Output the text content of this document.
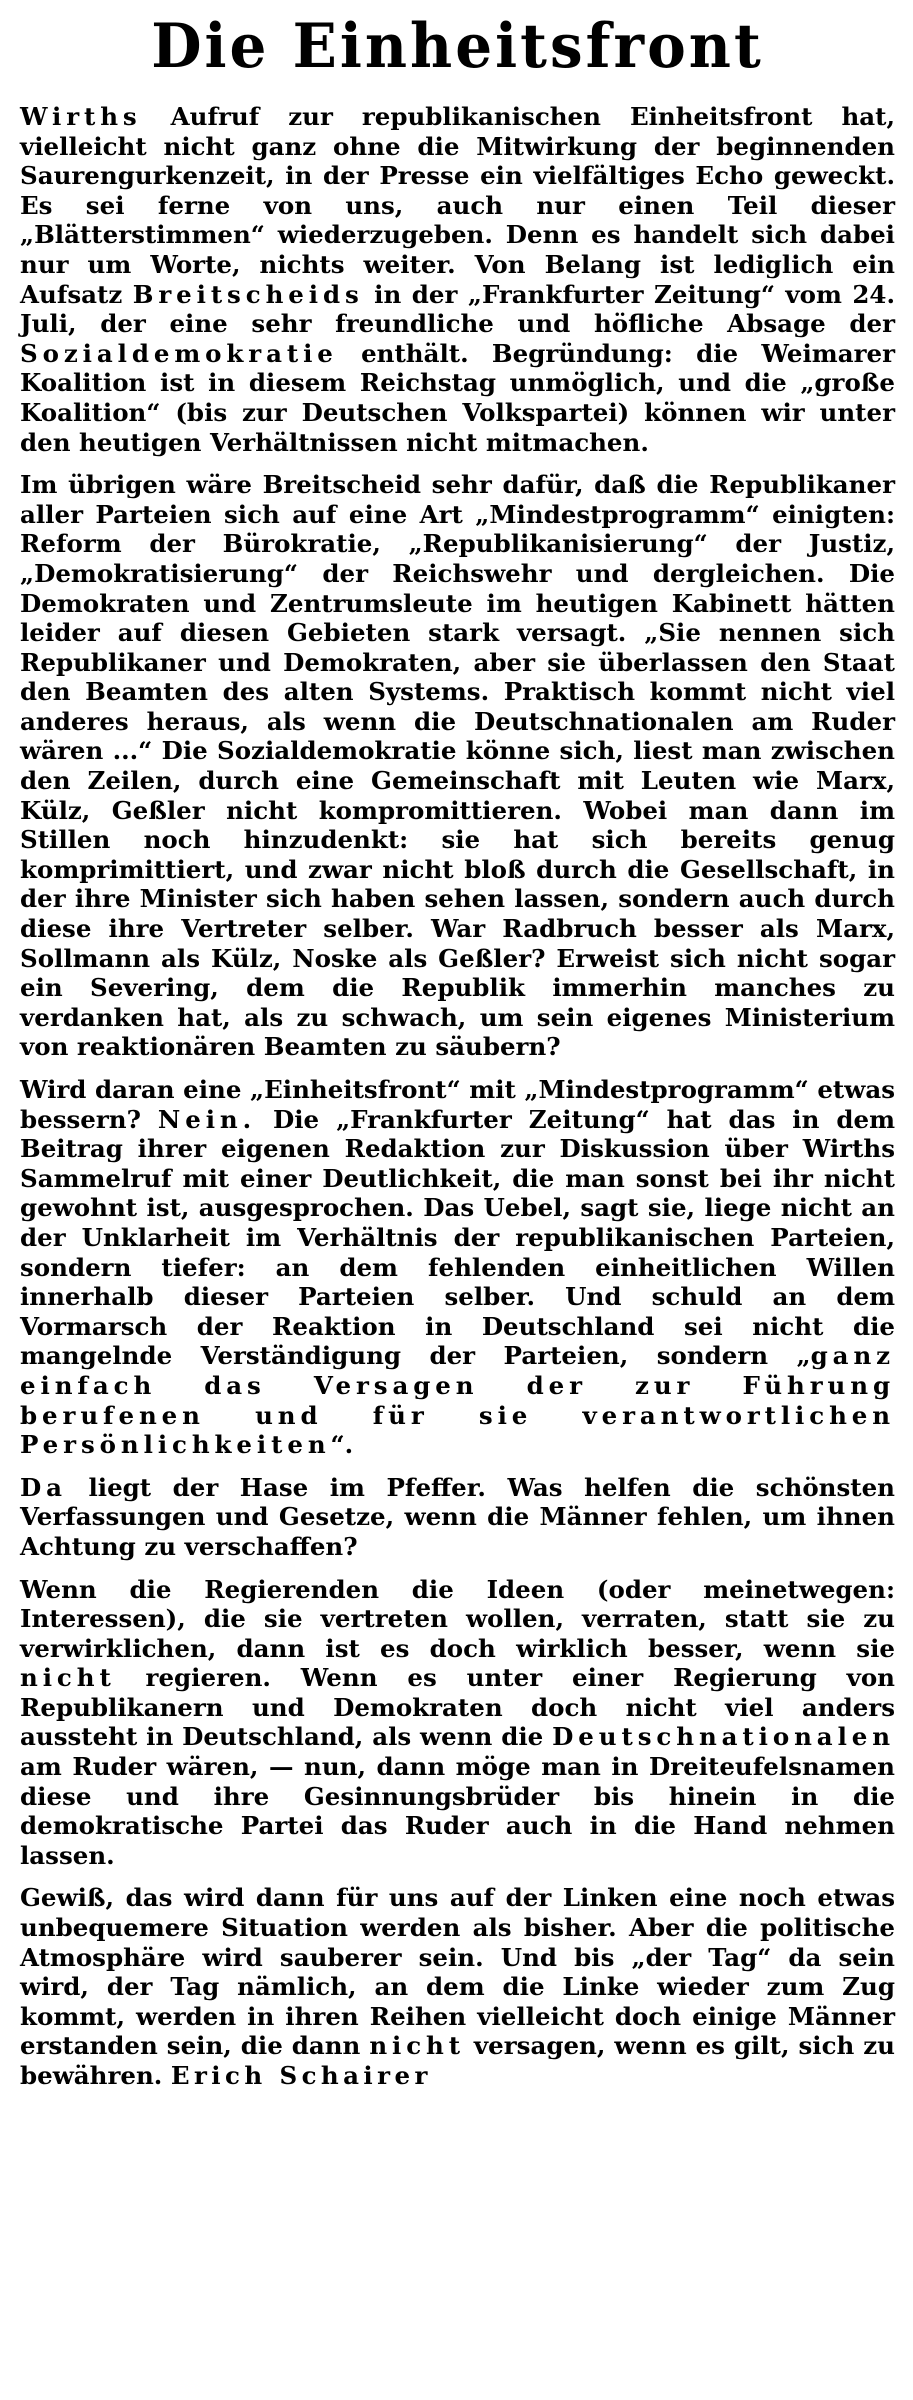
Die Einheitsfront

Wirths Aufruf zur republikanischen Einheitsfront hat, vielleicht nicht ganz ohne die Mitwirkung der beginnenden Saurengurkenzeit, in der Presse ein vielfältiges Echo geweckt. Es sei ferne von uns, auch nur einen Teil dieser „Blätterstimmen“ wiederzugeben. Denn es handelt sich dabei nur um Worte, nichts weiter. Von Belang ist lediglich ein Aufsatz Breitscheids in der „Frankfurter Zeitung“ vom 24. Juli, der eine sehr freundliche und höfliche Absage der Sozialdemokratie enthält. Begründung: die Weimarer Koalition ist in diesem Reichstag unmöglich, und die „große Koalition“ (bis zur Deutschen Volkspartei) können wir unter den heutigen Verhältnissen nicht mitmachen.

Im übrigen wäre Breitscheid sehr dafür, daß die Republikaner aller Parteien sich auf eine Art „Mindestprogramm“ einigten: Reform der Bürokratie, „Republikanisierung“ der Justiz, „Demokratisierung“ der Reichswehr und dergleichen. Die Demokraten und Zentrumsleute im heutigen Kabinett hätten leider auf diesen Gebieten stark versagt. „Sie nennen sich Republikaner und Demokraten, aber sie überlassen den Staat den Beamten des alten Systems. Praktisch kommt nicht viel anderes heraus, als wenn die Deutschnationalen am Ruder wären ...“ Die Sozialdemokratie könne sich, liest man zwischen den Zeilen, durch eine Gemeinschaft mit Leuten wie Marx, Külz, Geßler nicht kompromittieren. Wobei man dann im Stillen noch hinzudenkt: sie hat sich bereits genug komprimittiert, und zwar nicht bloß durch die Gesellschaft, in der ihre Minister sich haben sehen lassen, sondern auch durch diese ihre Vertreter selber. War Radbruch besser als Marx, Sollmann als Külz, Noske als Geßler? Erweist sich nicht sogar ein Severing, dem die Republik immerhin manches zu verdanken hat, als zu schwach, um sein eigenes Ministerium von reaktionären Beamten zu säubern?

Wird daran eine „Einheitsfront“ mit „Mindestprogramm“ etwas bessern? Nein. Die „Frankfurter Zeitung“ hat das in dem Beitrag ihrer eigenen Redaktion zur Diskussion über Wirths Sammelruf mit einer Deutlichkeit, die man sonst bei ihr nicht gewohnt ist, ausgesprochen. Das Uebel, sagt sie, liege nicht an der Unklarheit im Verhältnis der republikanischen Parteien, sondern tiefer: an dem fehlenden einheitlichen Willen innerhalb dieser Parteien selber. Und schuld an dem Vormarsch der Reaktion in Deutschland sei nicht die mangelnde Verständigung der Parteien, sondern „ganz einfach das Versagen der zur Führung berufenen und für sie verantwortlichen Persönlichkeiten“.

Da liegt der Hase im Pfeffer. Was helfen die schönsten Verfassungen und Gesetze, wenn die Männer fehlen, um ihnen Achtung zu verschaffen?

Wenn die Regierenden die Ideen (oder meinetwegen: Interessen), die sie vertreten wollen, verraten, statt sie zu verwirklichen, dann ist es doch wirklich besser, wenn sie nicht regieren. Wenn es unter einer Regierung von Republikanern und Demokraten doch nicht viel anders aussteht in Deutschland, als wenn die Deutschnationalen am Ruder wären, — nun, dann möge man in Dreiteufelsnamen diese und ihre Gesinnungsbrüder bis hinein in die demokratische Partei das Ruder auch in die Hand nehmen lassen.

Gewiß, das wird dann für uns auf der Linken eine noch etwas unbequemere Situation werden als bisher. Aber die politische Atmosphäre wird sauberer sein. Und bis „der Tag“ da sein wird, der Tag nämlich, an dem die Linke wieder zum Zug kommt, werden in ihren Reihen vielleicht doch einige Männer erstanden sein, die dann nicht versagen, wenn es gilt, sich zu bewähren. Erich Schairer
